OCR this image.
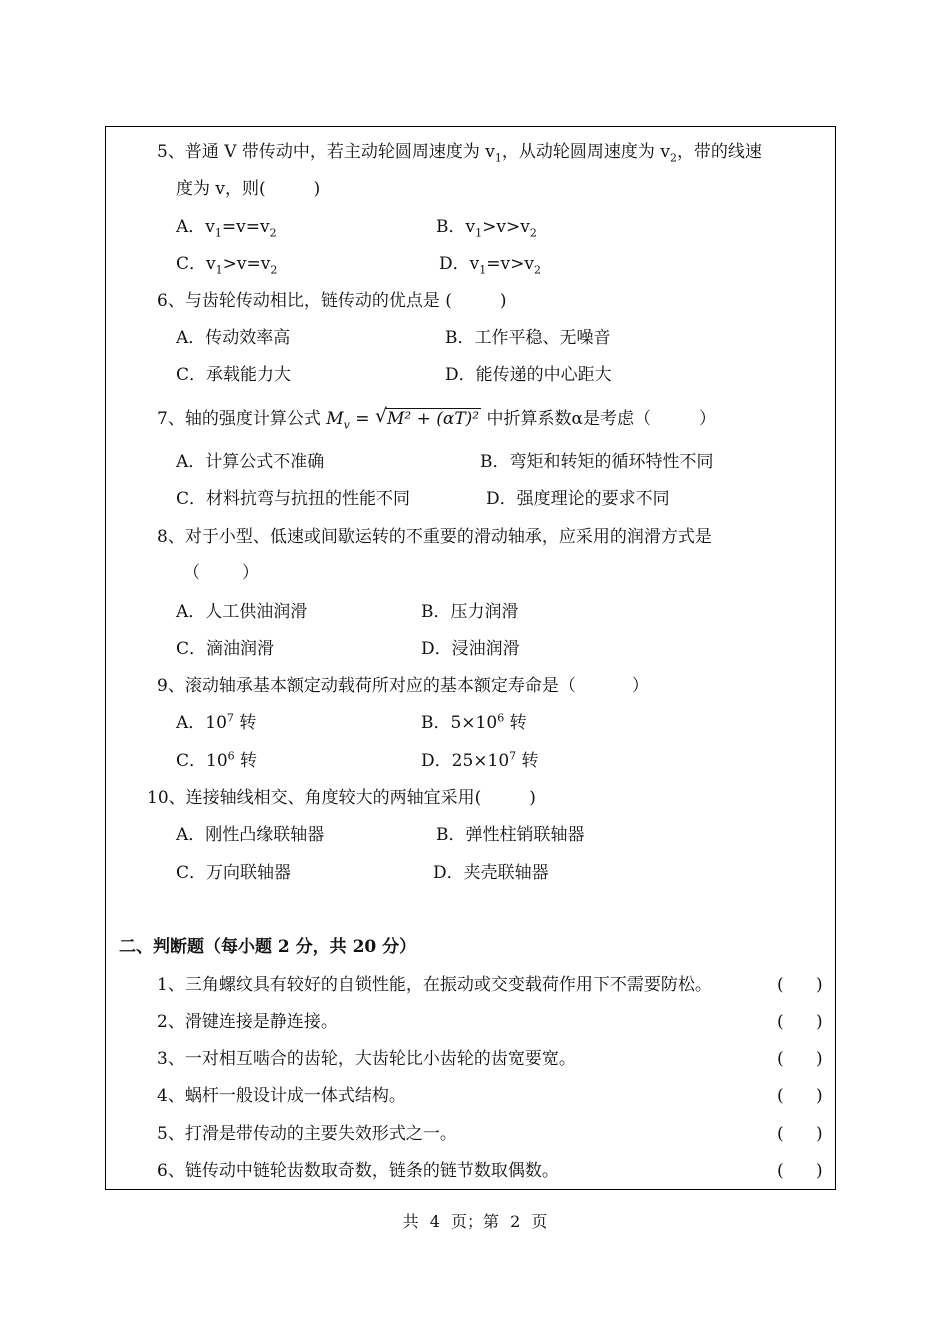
5、普通 V 带传动中，若主动轮圆周速度为 $v_1$，从动轮圆周速度为 $v_2$，带的线速
度为 v，则(	)
A．$v_1=v=v_2$	B．$v_1>v>v_2$
C．$v_1>v=v_2$	D．$v_1=v>v_2$
6、与齿轮传动相比，链传动的优点是 (	)
A．传动效率高	B．工作平稳、无噪音
C．承载能力大	D．能传递的中心距大
7、轴的强度计算公式 $M_v$ = √ M² + (αT)² 中折算系数α是考虑（	）
A．计算公式不准确	B．弯矩和转矩的循环特性不同
C．材料抗弯与抗扭的性能不同	D．强度理论的要求不同
8、对于小型、低速或间歇运转的不重要的滑动轴承，应采用的润滑方式是
（ ）
A．人工供油润滑	B．压力润滑
C．滴油润滑	D．浸油润滑
9、滚动轴承基本额定动载荷所对应的基本额定寿命是（	）
A．$10^7$ 转	B．$5\times 10^6$ 转
C．$10^6$ 转	D．$25\times 10^7$ 转
10、连接轴线相交、角度较大的两轴宜采用(	)
A．刚性凸缘联轴器	B．弹性柱销联轴器
C．万向联轴器	D．夹壳联轴器
二、判断题（每小题 2 分，共 20 分）
1、三角螺纹具有较好的自锁性能，在振动或交变载荷作用下不需要防松。	(      )
2、滑键连接是静连接。	(      )
3、一对相互啮合的齿轮，大齿轮比小齿轮的齿宽要宽。	(      )
4、蜗杆一般设计成一体式结构。	(      )
5、打滑是带传动的主要失效形式之一。	(      )
6、链传动中链轮齿数取奇数，链条的链节数取偶数。	(      )
共 4 页；第 2 页
